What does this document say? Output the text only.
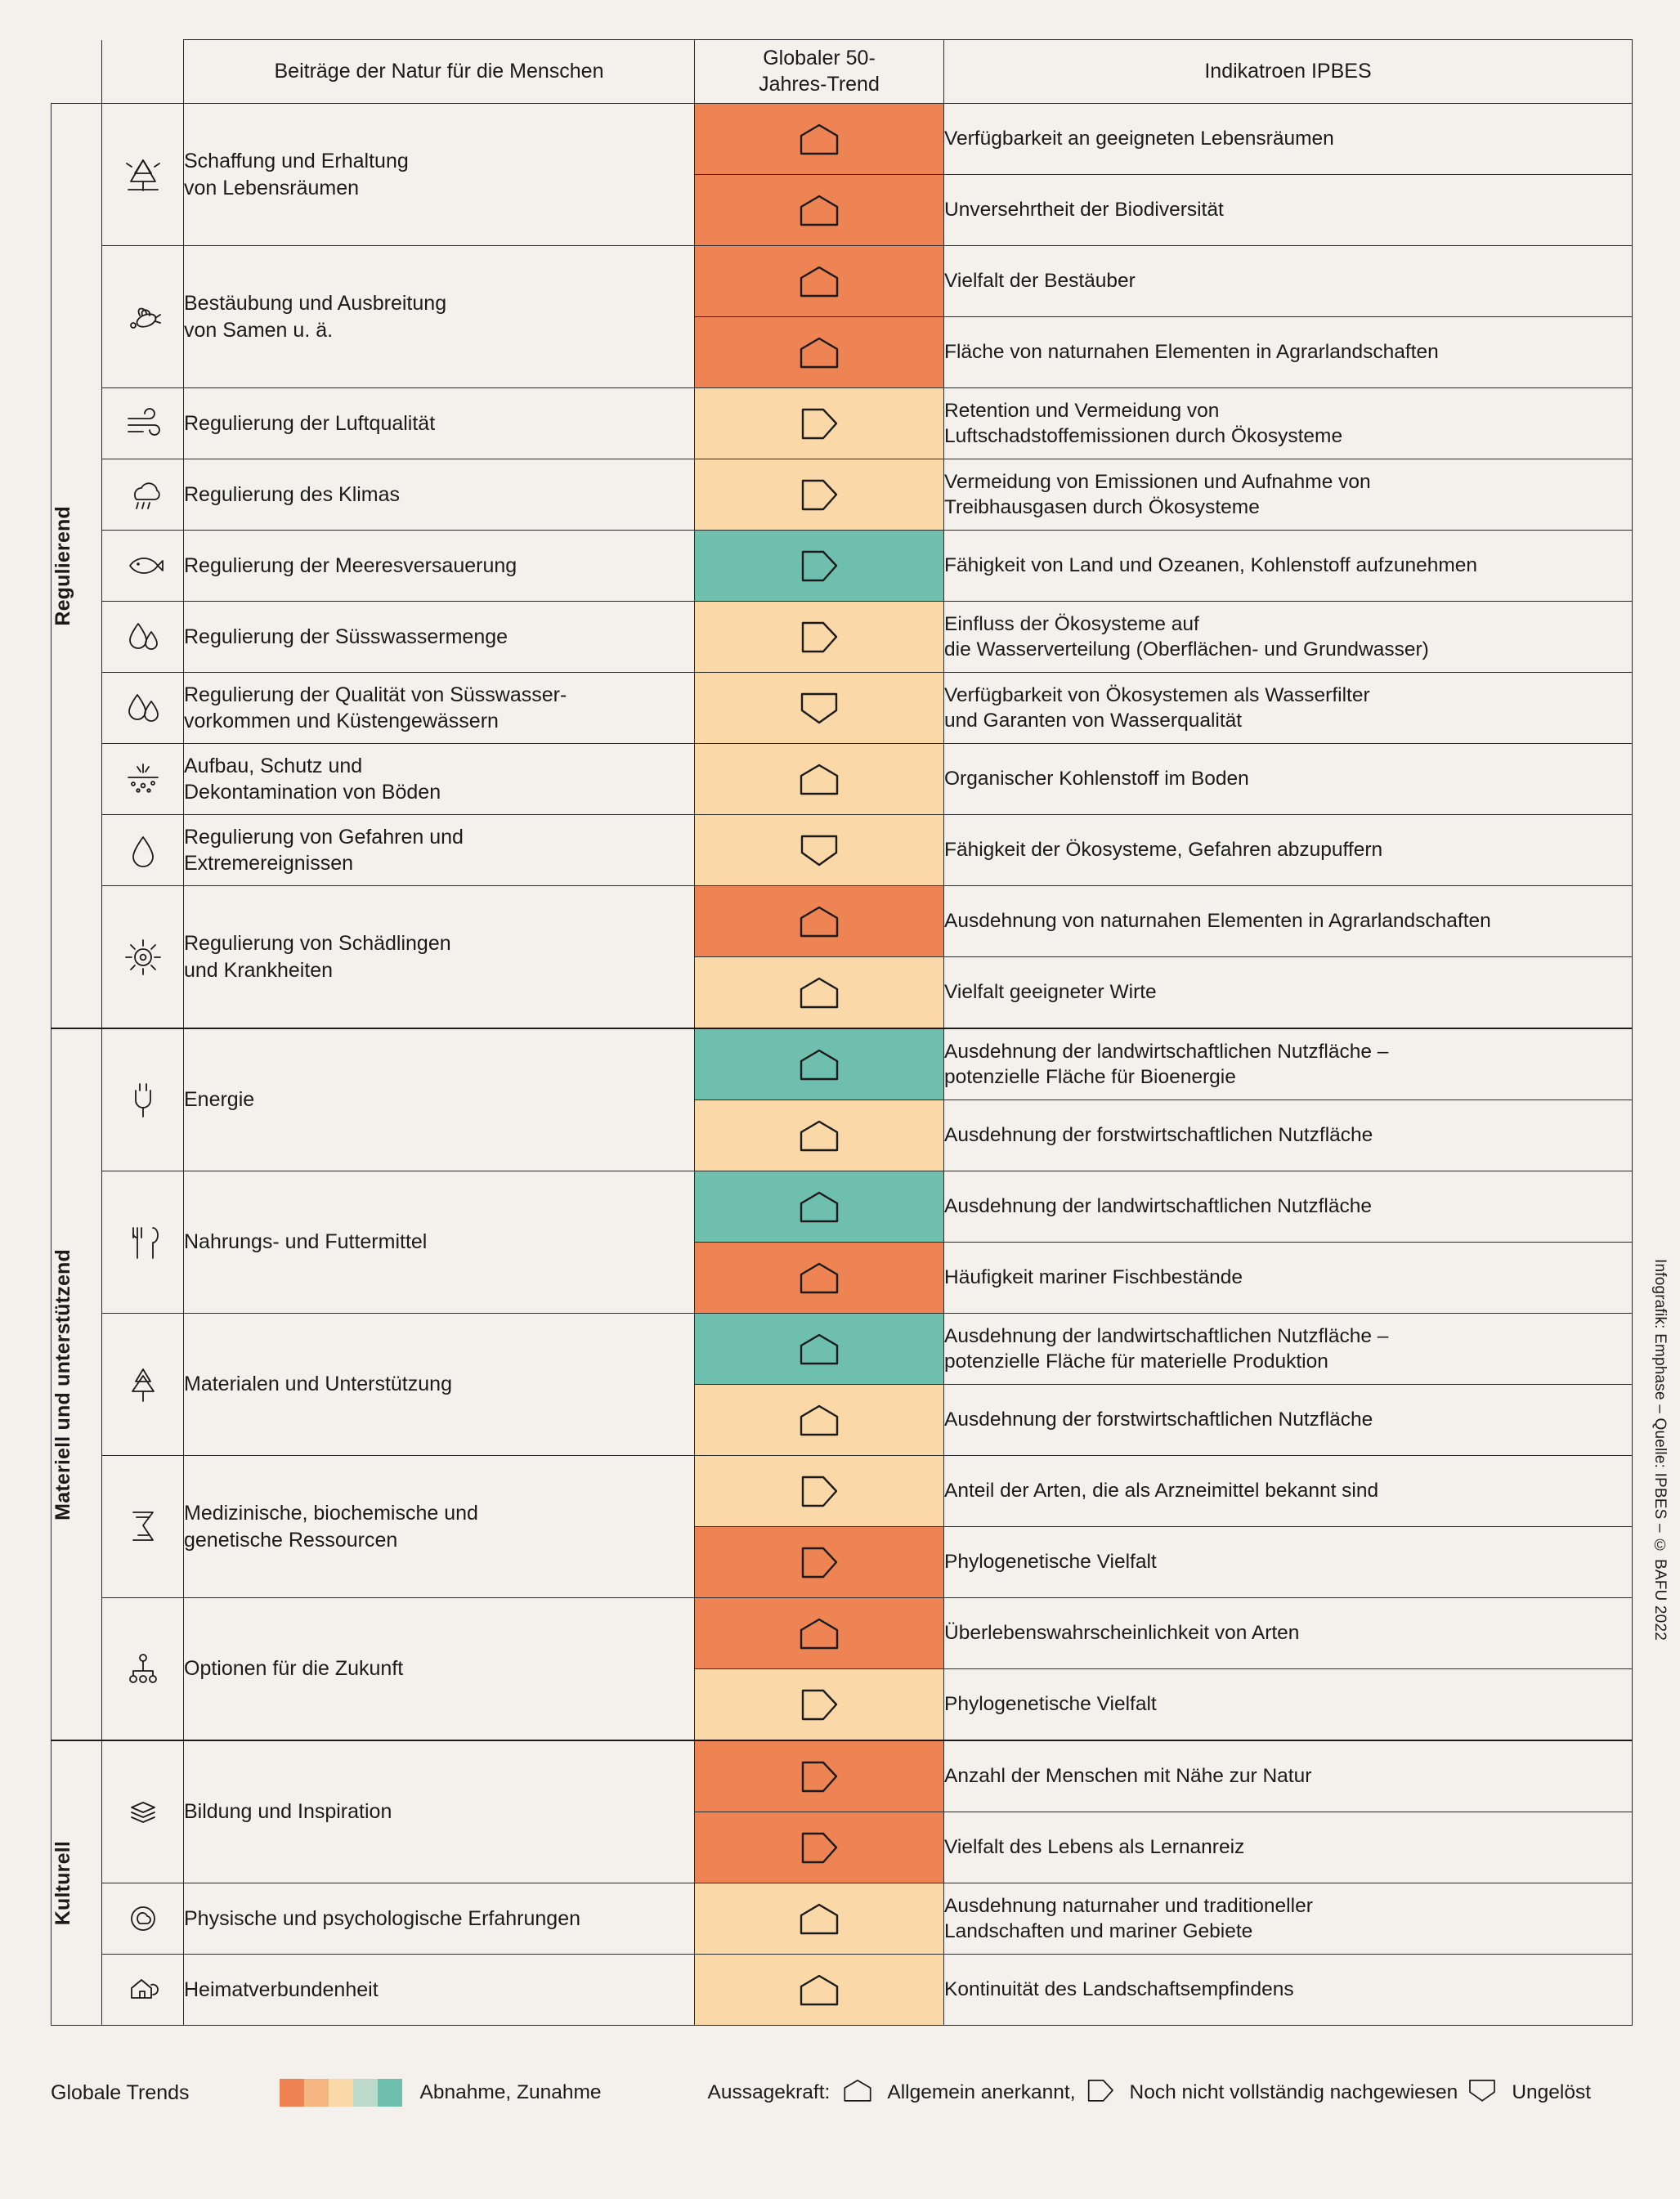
		Beiträge der Natur für die Menschen	Globaler 50-
Jahres-Trend	Indikatroen IPBES

Regulierend		Schaffung und Erhaltung
von Lebensräumen		Verfügbarkeit an geeigneten Lebensräumen

	Unversehrtheit der Biodiversität

	Bestäubung und Ausbreitung
von Samen u. ä.		Vielfalt der Bestäuber

	Fläche von naturnahen Elementen in Agrarlandschaften

	Regulierung der Luftqualität		Retention und Vermeidung von
Luftschadstoffemissionen durch Ökosysteme

	Regulierung des Klimas		Vermeidung von Emissionen und Aufnahme von
Treibhausgasen durch Ökosysteme

	Regulierung der Meeresversauerung		Fähigkeit von Land und Ozeanen, Kohlenstoff aufzunehmen

	Regulierung der Süsswassermenge		Einfluss der Ökosysteme auf
die Wasserverteilung (Oberflächen- und Grundwasser)

	Regulierung der Qualität von Süsswasser-
vorkommen und Küstengewässern		Verfügbarkeit von Ökosystemen als Wasserfilter
und Garanten von Wasserqualität

	Aufbau, Schutz und
Dekontamination von Böden		Organischer Kohlenstoff im Boden

	Regulierung von Gefahren und
Extremereignissen		Fähigkeit der Ökosysteme, Gefahren abzupuffern

	Regulierung von Schädlingen
und Krankheiten		Ausdehnung von naturnahen Elementen in Agrarlandschaften

	Vielfalt geeigneter Wirte

Materiell und unterstützend		Energie		Ausdehnung der landwirtschaftlichen Nutzfläche –
potenzielle Fläche für Bioenergie

	Ausdehnung der forstwirtschaftlichen Nutzfläche

	Nahrungs- und Futtermittel		Ausdehnung der landwirtschaftlichen Nutzfläche

	Häufigkeit mariner Fischbestände

	Materialen und Unterstützung		Ausdehnung der landwirtschaftlichen Nutzfläche –
potenzielle Fläche für materielle Produktion

	Ausdehnung der forstwirtschaftlichen Nutzfläche

	Medizinische, biochemische und
genetische Ressourcen		Anteil der Arten, die als Arzneimittel bekannt sind

	Phylogenetische Vielfalt

	Optionen für die Zukunft		Überlebenswahrscheinlichkeit von Arten

	Phylogenetische Vielfalt

Kulturell		Bildung und Inspiration		Anzahl der Menschen mit Nähe zur Natur

	Vielfalt des Lebens als Lernanreiz

	Physische und psychologische Erfahrungen		Ausdehnung naturnaher und traditioneller
Landschaften und mariner Gebiete

	Heimatverbundenheit		Kontinuität des Landschaftsempfindens
Globale Trends	Abnahme, Zunahme	Aussagekraft:	Allgemein anerkannt,	Noch nicht vollständig nachgewiesen	Ungelöst
Infografik: Emphase – Quelle: IPBES – © BAFU 2022
